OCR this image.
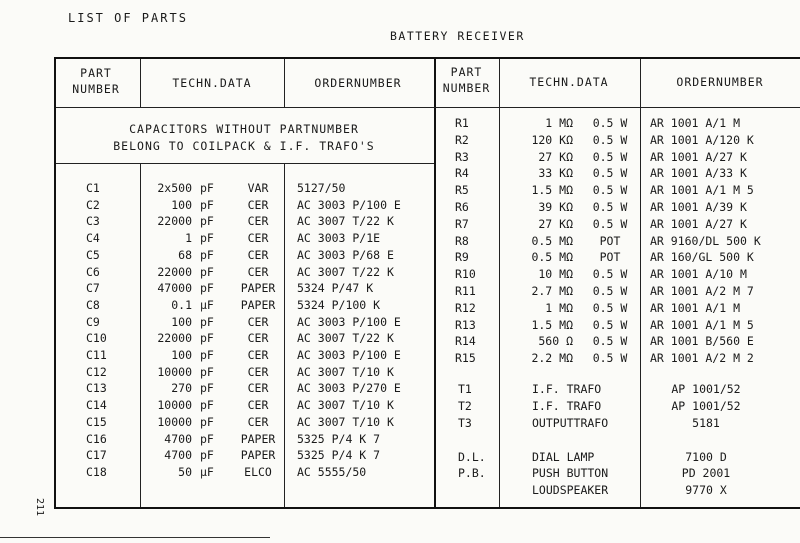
LIST OF PARTS
BATTERY RECEIVER
211
PART
NUMBER	TECHN.DATA	ORDERNUMBER
PART
NUMBER	TECHN.DATA	ORDERNUMBER
CAPACITORS WITHOUT PARTNUMBER
BELONG TO COILPACK & I.F. TRAFO'S
C1	2x500 pF	VAR	5127/50
C2	100 pF	CER	AC 3003 P/100 E
C3	22000 pF	CER	AC 3007 T/22 K
C4	1 pF	CER	AC 3003 P/1E
C5	68 pF	CER	AC 3003 P/68 E
C6	22000 pF	CER	AC 3007 T/22 K
C7	47000 pF PAPER 5324 P/47 K
C8	0.1 µF PAPER 5324 P/100 K
C9	100 pF	CER	AC 3003 P/100 E
C10	22000 pF	CER	AC 3007 T/22 K
C11	100 pF	CER	AC 3003 P/100 E
C12	10000 pF	CER	AC 3007 T/10 K
C13	270 pF	CER	AC 3003 P/270 E
C14	10000 pF	CER	AC 3007 T/10 K
C15	10000 pF	CER	AC 3007 T/10 K
C16	4700 pF PAPER 5325 P/4 K 7
C17	4700 pF PAPER 5325 P/4 K 7
C18	50 µF	ELCO	AC 5555/50
R1	1 MΩ	0.5 W	AR 1001 A/1 M
R2	120 KΩ	0.5 W	AR 1001 A/120 K
R3	27 KΩ	0.5 W	AR 1001 A/27 K
R4	33 KΩ	0.5 W	AR 1001 A/33 K
R5	1.5 MΩ	0.5 W	AR 1001 A/1 M 5
R6	39 KΩ	0.5 W	AR 1001 A/39 K
R7	27 KΩ	0.5 W	AR 1001 A/27 K
R8	0.5 MΩ	POT	AR 9160/DL 500 K
R9	0.5 MΩ	POT	AR 160/GL 500 K
R10	10 MΩ	0.5 W	AR 1001 A/10 M
R11	2.7 MΩ	0.5 W	AR 1001 A/2 M 7
R12	1 MΩ	0.5 W	AR 1001 A/1 M
R13	1.5 MΩ	0.5 W	AR 1001 A/1 M 5
R14	560 Ω	0.5 W	AR 1001 B/560 E
R15	2.2 MΩ	0.5 W	AR 1001 A/2 M 2
T1	I.F. TRAFO	AP 1001/52
T2	I.F. TRAFO	AP 1001/52
T3	OUTPUTTRAFO	5181
D.L.	DIAL LAMP	7100 D
P.B.	PUSH BUTTON	PD 2001
LOUDSPEAKER	9770 X
